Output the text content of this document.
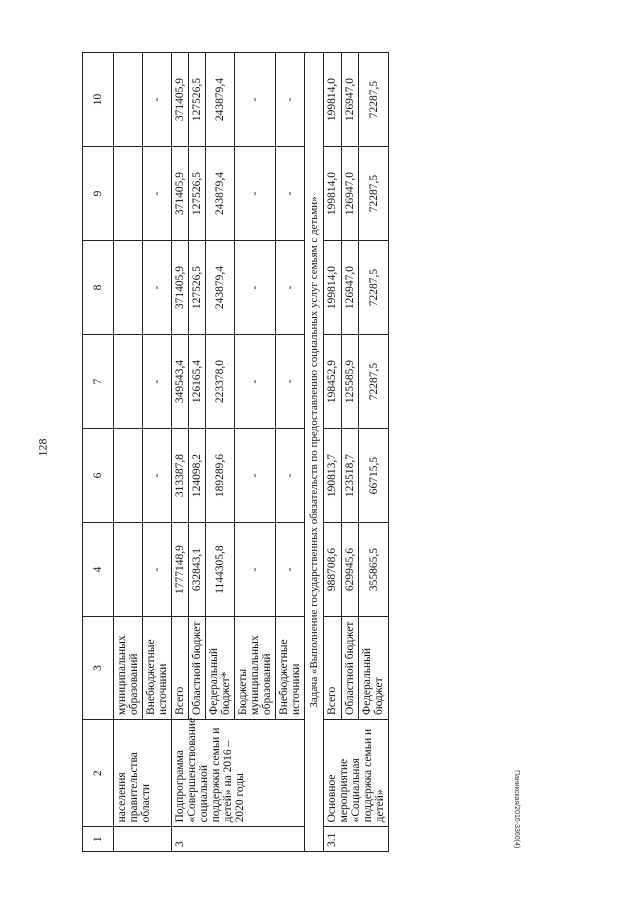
128
Паникская/2016-3360(4)
1	2	3	4	6	7	8	9	10
	населения правительства области	муниципальных образований						
		Внебюджетные источники	-	-	-	-	-	-
3	Подпрограмма «Совершенствование социальной поддержки семьи и детей» на 2016 – 2020 годы	Всего	1777148,9	313387,8	349543,4	371405,9	371405,9	371405,9
		Областной бюджет	632843,1	124098,2	126165,4	127526,5	127526,5	127526,5
		Федеральный бюджет*	1144305,8	189289,6	223378,0	243879,4	243879,4	243879,4
		Бюджеты муниципальных образований	-	-	-	-	-	-
		Внебюджетные источники	-	-	-	-	-	-
Задача «Выполнение государственных обязательств по предоставлению социальных услуг семьям с детьми»								
3.1	Основное мероприятие «Социальная поддержка семьи и детей»	Всего	988708,6	190813,7	198452,9	199814,0	199814,0	199814,0
		Областной бюджет	629945,6	123518,7	125585,9	126947,0	126947,0	126947,0
		Федеральный бюджет	355865,5	66715,5	72287,5	72287,5	72287,5	72287,5
